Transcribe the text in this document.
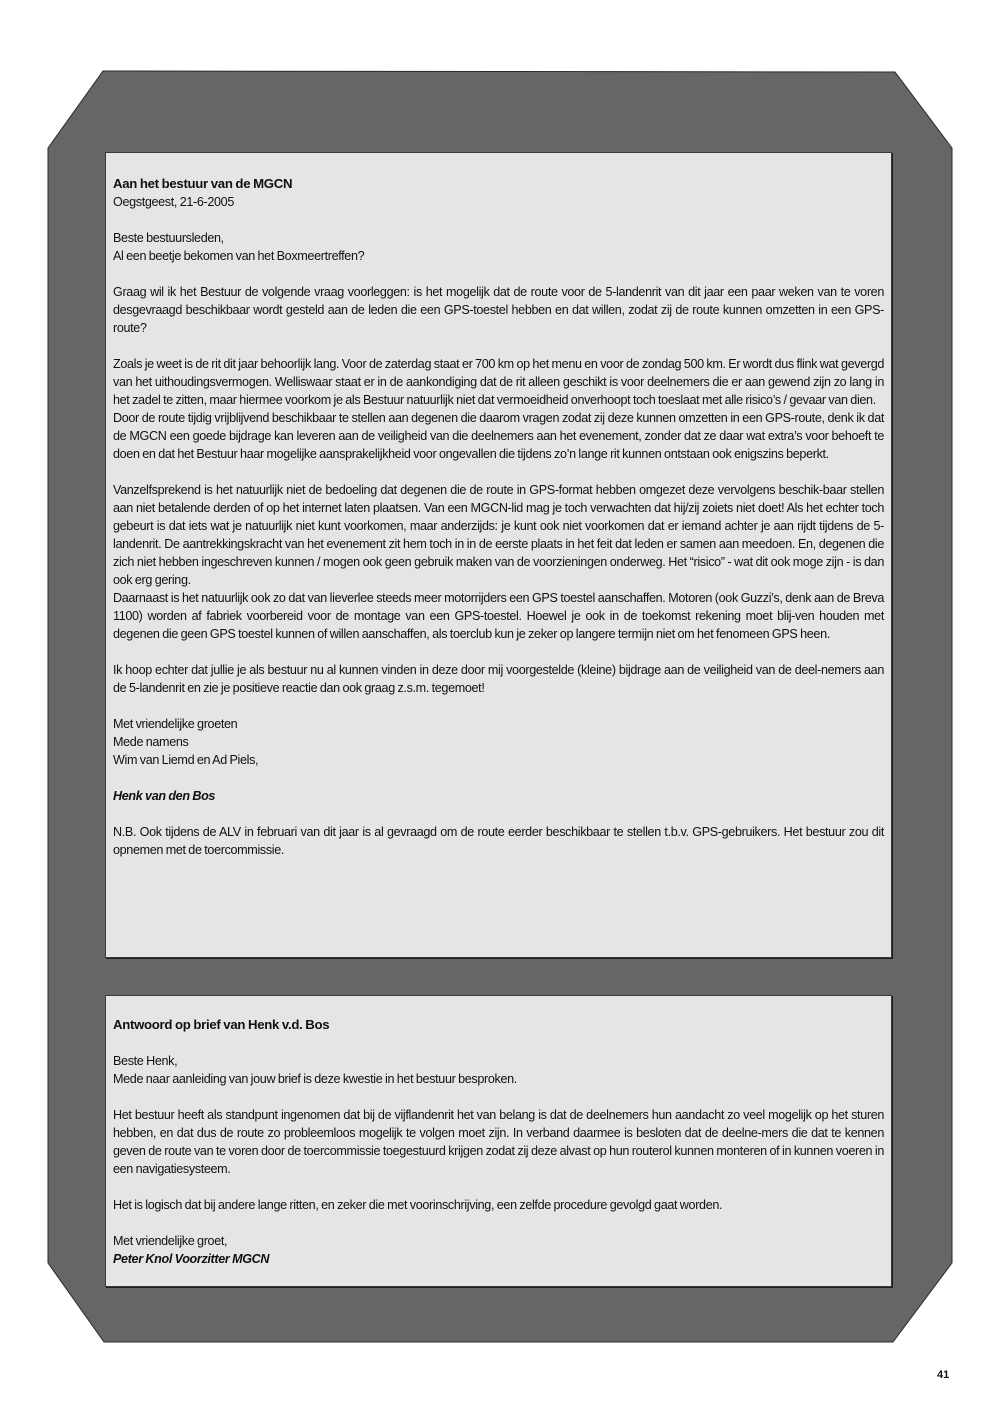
Aan het bestuur van de MGCN

Oegstgeest, 21-6-2005

Beste bestuursleden,

Al een beetje bekomen van het Boxmeertreffen?

Graag wil ik het Bestuur de volgende vraag voorleggen: is het mogelijk dat de route voor de 5-landenrit van dit jaar een paar weken van te voren desgevraagd beschikbaar wordt gesteld aan de leden die een GPS-toestel hebben en dat willen, zodat zij de route kunnen omzetten in een GPS-route?

Zoals je weet is de rit dit jaar behoorlijk lang. Voor de zaterdag staat er 700 km op het menu en voor de zondag 500 km. Er wordt dus flink wat gevergd van het uithoudingsvermogen. Welliswaar staat er in de aankondiging dat de rit alleen geschikt is voor deelnemers die er aan gewend zijn zo lang in het zadel te zitten, maar hiermee voorkom je als Bestuur natuurlijk niet dat vermoeidheid onverhoopt toch toeslaat met alle risico’s / gevaar van dien.

Door de route tijdig vrijblijvend beschikbaar te stellen aan degenen die daarom vragen zodat zij deze kunnen omzetten in een GPS-route, denk ik dat de MGCN een goede bijdrage kan leveren aan de veiligheid van die deelnemers aan het evenement, zonder dat ze daar wat extra’s voor behoeft te doen en dat het Bestuur haar mogelijke aansprakelijkheid voor ongevallen die tijdens zo’n lange rit kunnen ontstaan ook enigszins beperkt.

Vanzelfsprekend is het natuurlijk niet de bedoeling dat degenen die de route in GPS-format hebben omgezet deze vervolgens beschik-baar stellen aan niet betalende derden of op het internet laten plaatsen. Van een MGCN-lid mag je toch verwachten dat hij/zij zoiets niet doet! Als het echter toch gebeurt is dat iets wat je natuurlijk niet kunt voorkomen, maar anderzijds: je kunt ook niet voorkomen dat er iemand achter je aan rijdt tijdens de 5-landenrit. De aantrekkingskracht van het evenement zit hem toch in in de eerste plaats in het feit dat leden er samen aan meedoen. En, degenen die zich niet hebben ingeschreven kunnen / mogen ook geen gebruik maken van de voorzieningen onderweg. Het “risico” - wat dit ook moge zijn - is dan ook erg gering.

Daarnaast is het natuurlijk ook zo dat van lieverlee steeds meer motorrijders een GPS toestel aanschaffen. Motoren (ook Guzzi’s, denk aan de Breva 1100) worden af fabriek voorbereid voor de montage van een GPS-toestel. Hoewel je ook in de toekomst rekening moet blij-ven houden met degenen die geen GPS toestel kunnen of willen aanschaffen, als toerclub kun je zeker op langere termijn niet om het fenomeen GPS heen.

Ik hoop echter dat jullie je als bestuur nu al kunnen vinden in deze door mij voorgestelde (kleine) bijdrage aan de veiligheid van de deel-nemers aan de 5-landenrit en zie je positieve reactie dan ook graag z.s.m. tegemoet!

Met vriendelijke groeten

Mede namens

Wim van Liemd en Ad Piels,

Henk van den Bos

N.B. Ook tijdens de ALV in februari van dit jaar is al gevraagd om de route eerder beschikbaar te stellen t.b.v. GPS-gebruikers. Het bestuur zou dit opnemen met de toercommissie.

Antwoord op brief van Henk v.d. Bos

Beste Henk,

Mede naar aanleiding van jouw brief is deze kwestie in het bestuur besproken.

Het bestuur heeft als standpunt ingenomen dat bij de vijflandenrit het van belang is dat de deelnemers hun aandacht zo veel mogelijk op het sturen hebben, en dat dus de route zo probleemloos mogelijk te volgen moet zijn. In verband daarmee is besloten dat de deelne-mers die dat te kennen geven de route van te voren door de toercommissie toegestuurd krijgen zodat zij deze alvast op hun routerol kunnen monteren of in kunnen voeren in een navigatiesysteem.

Het is logisch dat bij andere lange ritten, en zeker die met voorinschrijving, een zelfde procedure gevolgd gaat worden.

Met vriendelijke groet,

Peter Knol Voorzitter MGCN

41
